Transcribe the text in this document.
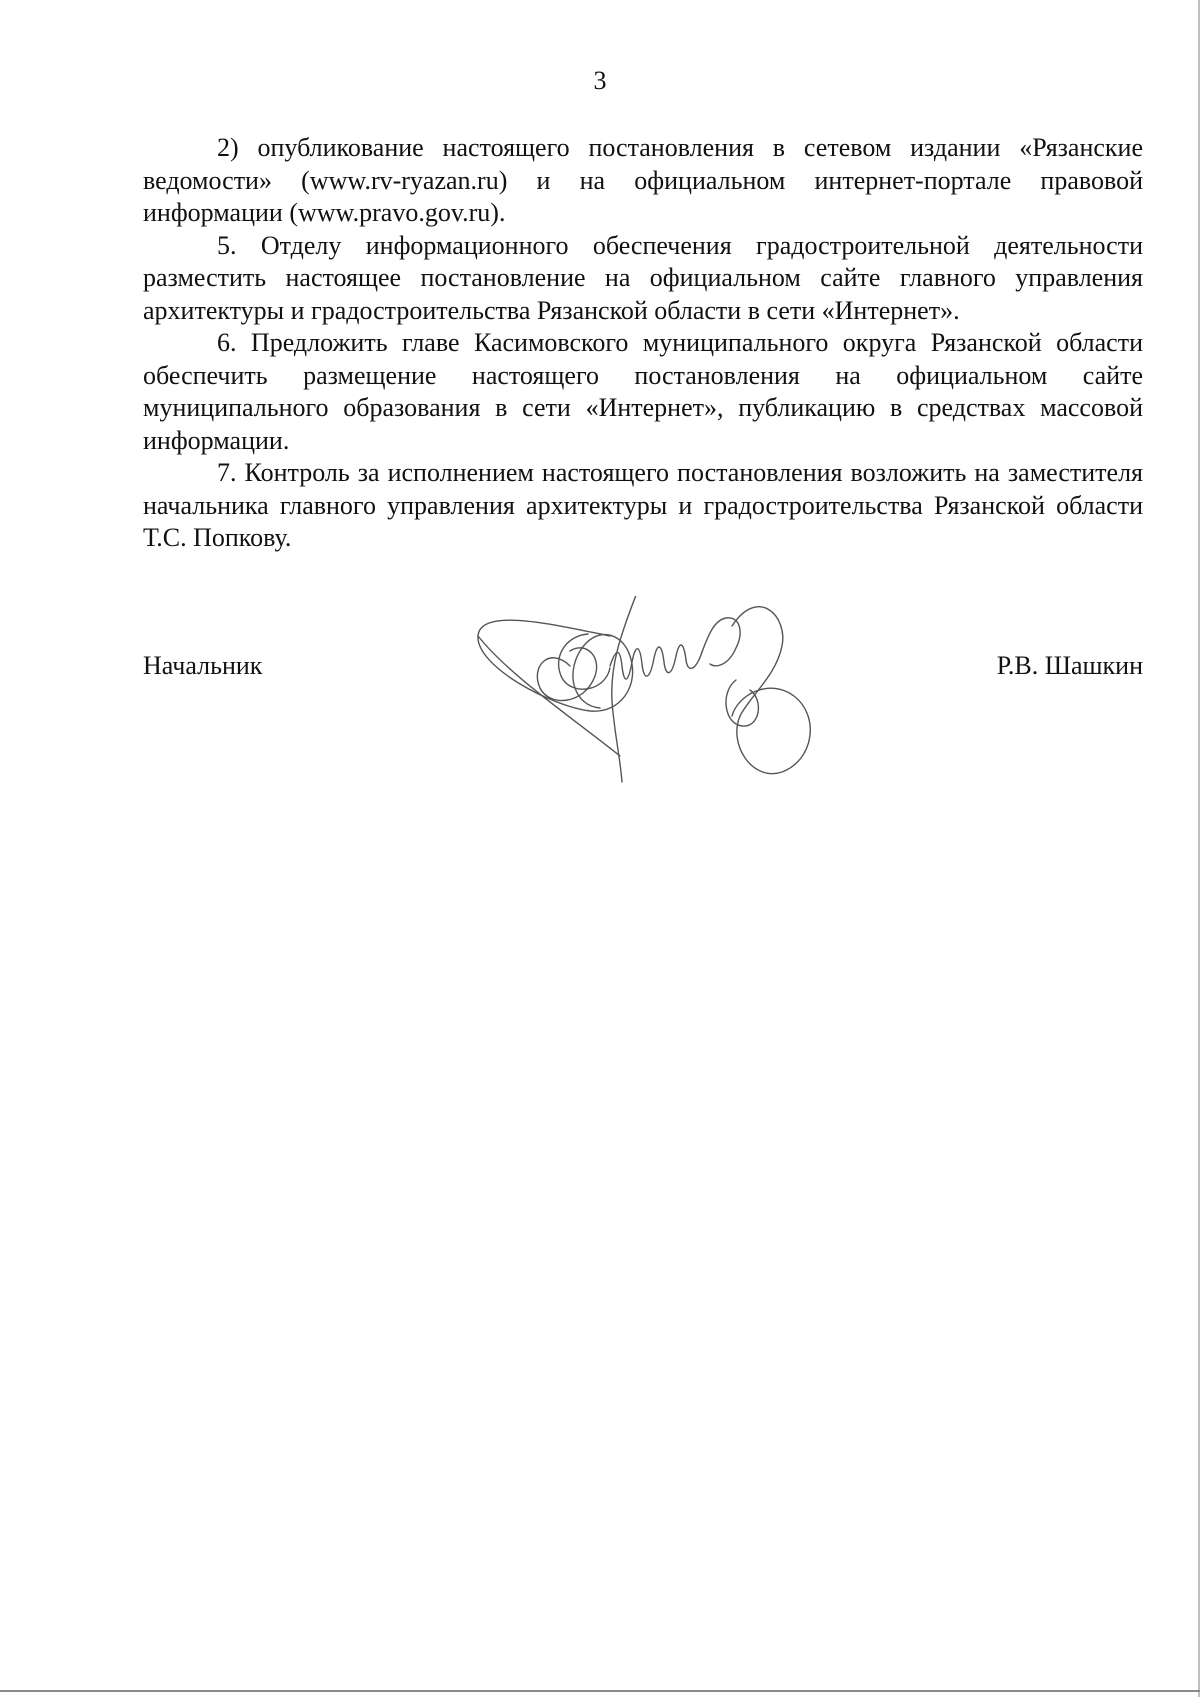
3

2) опубликование настоящего постановления в сетевом издании «Рязанские ведомости» (www.rv-ryazan.ru) и на официальном интернет-портале правовой информации (www.pravo.gov.ru).

5. Отделу информационного обеспечения градостроительной деятельности разместить настоящее постановление на официальном сайте главного управления архитектуры и градостроительства Рязанской области в сети «Интернет».

6. Предложить главе Касимовского муниципального округа Рязанской области обеспечить размещение настоящего постановления на официальном сайте муниципального образования в сети «Интернет», публикацию в средствах массовой информации.

7. Контроль за исполнением настоящего постановления возложить на заместителя начальника главного управления архитектуры и градостроительства Рязанской области Т.С. Попкову.

Начальник	Р.В. Шашкин
